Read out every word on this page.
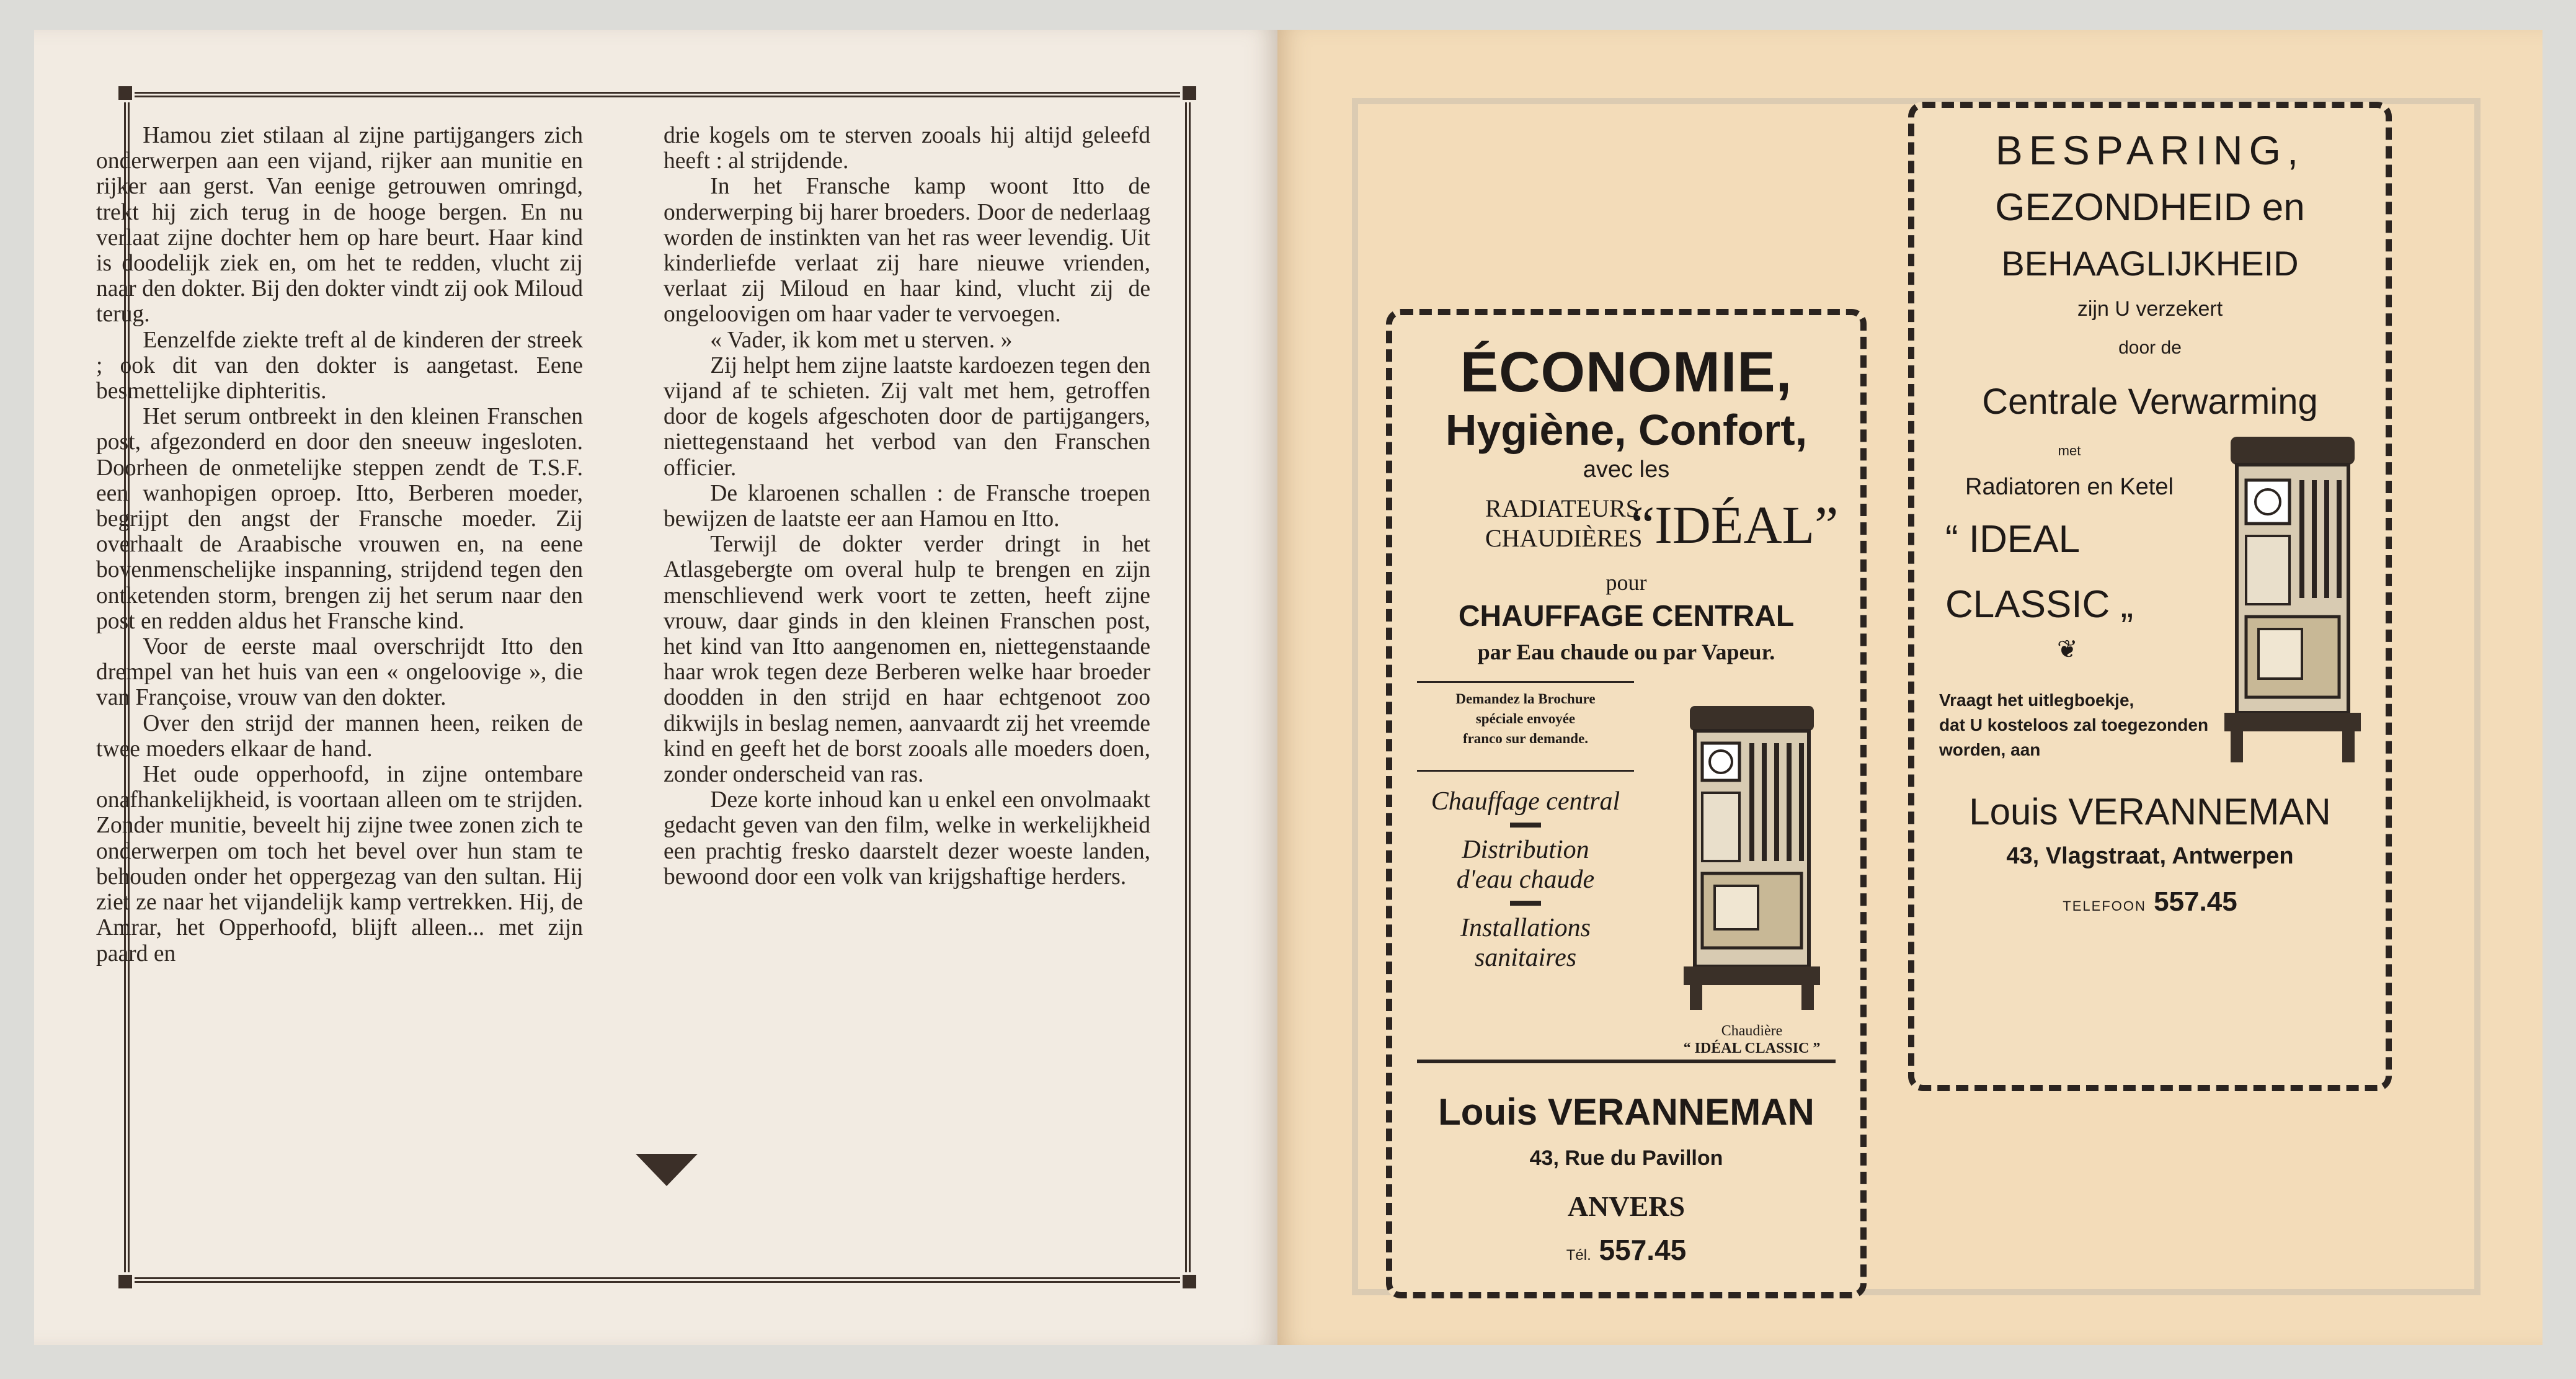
Hamou ziet stilaan al zijne partijgangers zich onderwerpen aan een vijand, rijker aan munitie en rijker aan gerst. Van eenige getrouwen omringd, trekt hij zich terug in de hooge bergen. En nu verlaat zijne dochter hem op hare beurt. Haar kind is doodelijk ziek en, om het te redden, vlucht zij naar den dokter. Bij den dokter vindt zij ook Miloud terug.

Eenzelfde ziekte treft al de kinderen der streek ; ook dit van den dokter is aangetast. Eene besmettelijke diphteritis.

Het serum ontbreekt in den kleinen Franschen post, afgezonderd en door den sneeuw ingesloten. Doorheen de onmetelijke steppen zendt de T.S.F. een wanhopigen oproep. Itto, Berberen moeder, begrijpt den angst der Fransche moeder. Zij overhaalt de Araabische vrouwen en, na eene bovenmenschelijke inspanning, strijdend tegen den ontketenden storm, brengen zij het serum naar den post en redden aldus het Fransche kind.

Voor de eerste maal overschrijdt Itto den drempel van het huis van een « ongeloovige », die van Françoise, vrouw van den dokter.

Over den strijd der mannen heen, reiken de twee moeders elkaar de hand.

Het oude opperhoofd, in zijne ontembare onafhankelijkheid, is voortaan alleen om te strijden. Zonder munitie, beveelt hij zijne twee zonen zich te onderwerpen om toch het bevel over hun stam te behouden onder het oppergezag van den sultan. Hij ziet ze naar het vijandelijk kamp vertrekken. Hij, de Amrar, het Opperhoofd, blijft alleen... met zijn paard en

drie kogels om te sterven zooals hij altijd geleefd heeft : al strijdende.

In het Fransche kamp woont Itto de onderwerping bij harer broeders. Door de nederlaag worden de instinkten van het ras weer levendig. Uit kinderliefde verlaat zij hare nieuwe vrienden, verlaat zij Miloud en haar kind, vlucht zij de ongeloovigen om haar vader te vervoegen.

« Vader, ik kom met u sterven. »

Zij helpt hem zijne laatste kardoezen tegen den vijand af te schieten. Zij valt met hem, getroffen door de kogels afgeschoten door de partijgangers, niettegenstaand het verbod van den Franschen officier.

De klaroenen schallen : de Fransche troepen bewijzen de laatste eer aan Hamou en Itto.

Terwijl de dokter verder dringt in het Atlasgebergte om overal hulp te brengen en zijn menschlievend werk voort te zetten, heeft zijne vrouw, daar ginds in den kleinen Franschen post, het kind van Itto aangenomen en, niettegenstaande haar wrok tegen deze Berberen welke haar broeder doodden in den strijd en haar echtgenoot zoo dikwijls in beslag nemen, aanvaardt zij het vreemde kind en geeft het de borst zooals alle moeders doen, zonder onderscheid van ras.

Deze korte inhoud kan u enkel een onvolmaakt gedacht geven van den film, welke in werkelijkheid een prachtig fresko daarstelt dezer woeste landen, bewoond door een volk van krijgshaftige herders.

ÉCONOMIE,
Hygiène, Confort,
avec les
RADIATEURS
CHAUDIÈRES
“IDÉAL”
pour
CHAUFFAGE CENTRAL
par Eau chaude ou par Vapeur.
Demandez la Brochure
spéciale envoyée
franco sur demande.
Chauffage central
Distribution
d'eau chaude
Installations
sanitaires
Chaudière
“ IDÉAL CLASSIC ”
Louis VERANNEMAN
43, Rue du Pavillon
ANVERS
Tél. 557.45
BESPARING,
GEZONDHEID en
BEHAAGLIJKHEID
zijn U verzekert
door de
Centrale Verwarming
met
Radiatoren en Ketel
“ IDEAL
CLASSIC „
❦
Vraagt het uitlegboekje,
dat U kosteloos zal toegezonden worden, aan
Louis VERANNEMAN
43, Vlagstraat, Antwerpen
TELEFOON 557.45
